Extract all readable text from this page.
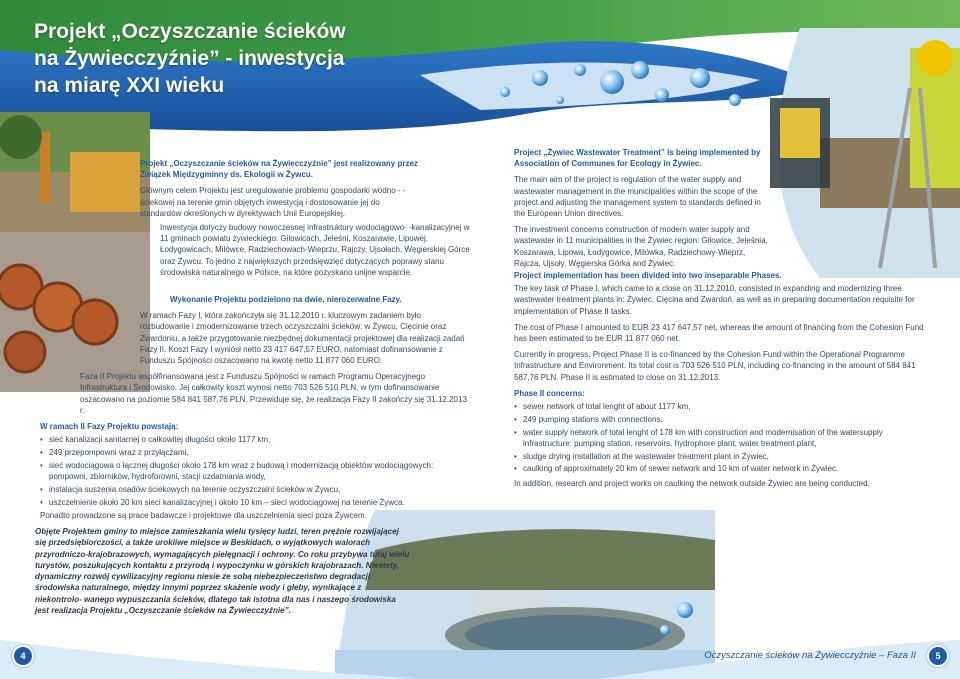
Projekt „Oczyszczanie ścieków
na Żywiecczyźnie” - inwestycja
na miarę XXI wieku

Projekt „Oczyszczanie ścieków na Żywiecczyźnie” jest realizowany przez Związek Międzygminny ds. Ekologii w Żywcu.

Głównym celem Projektu jest uregulowanie problemu gospodarki wodno - - ściekowej na terenie gmin objętych inwestycją i dostosowanie jej do standardów określonych w dyrektywach Unii Europejskiej.

Inwestycja dotyczy budowy nowoczesnej infrastruktury wodociągowo- -kanalizacyjnej w 11 gminach powiatu żywieckiego: Gilowicach, Jeleśni, Koszarawie, Lipowej, Łodygowicach, Milówce, Radziechowach-Wieprzu, Rajczy, Ujsołach, Węgierskiej Górce oraz Żywcu. To jedno z największych przedsięwzięć dotyczących poprawy stanu środowiska naturalnego w Polsce, na które pozyskano unijne wsparcie.

Wykonanie Projektu podzielono na dwie, nierozerwalne Fazy.

W ramach Fazy I, która zakończyła się 31.12.2010 r. kluczowym zadaniem było rozbudowanie i zmodernizowanie trzech oczyszczalni ścieków: w Żywcu, Cięcinie oraz Zwardoniu, a także przygotowanie niezbędnej dokumentacji projektowej dla realizacji zadań Fazy II. Koszt Fazy I wyniósł netto 23 417 647,57 EURO, natomiast dofinansowanie z Funduszu Spójności oszacowano na kwotę netto 11 877 060 EURO.

Faza II Projektu współfinansowana jest z Funduszu Spójności w ramach Programu Operacyjnego Infrastruktura i Środowisko. Jej całkowity koszt wynosi netto 703 526 510 PLN, w tym dofinansowanie oszacowano na poziomie 584 841 587,76 PLN. Przewiduje się, że realizacja Fazy II zakończy się 31.12.2013 r.

W ramach II Fazy Projektu powstają:

• sieć kanalizacji sanitarnej o całkowitej długości około 1177 km,
• 249 przepompowni wraz z przyłączami,
• sieć wodociągowa o łącznej długości około 178 km wraz z budową i modernizacją obiektów wodociągowych: pompowni, zbiorników, hydroforowni, stacji uzdatniania wody,
• instalacja suszenia osadów ściekowych na terenie oczyszczalni ścieków w Żywcu,
• uszczelnienie około 20 km sieci kanalizacyjnej i około 10 km – sieci wodociągowej na terenie Żywca.

Ponadto prowadzone są prace badawcze i projektowe dla uszczelnienia sieci poza Żywcem.

Objęte Projektem gminy to miejsce zamieszkania wielu tysięcy ludzi, teren prężnie rozwijającej się przedsiębiorczości, a także urokliwe miejsce w Beskidach, o wyjątkowych walorach przyrodniczo-krajobrazowych, wymagających pielęgnacji i ochrony. Co roku przybywa tutaj wielu turystów, poszukujących kontaktu z przyrodą i wypoczynku w górskich krajobrazach. Niestety, dynamiczny rozwój cywilizacyjny regionu niesie ze sobą niebezpieczeństwo degradacji środowiska naturalnego, między innymi poprzez skażenie wody i gleby, wynikające z niekontrolo- wanego wypuszczania ścieków, dlatego tak istotna dla nas i naszego środowiska jest realizacja Projektu „Oczyszczanie ścieków na Żywiecczyźnie”.

Project „Żywiec Wastewater Treatment” is being implemented by Association of Communes for Ecology in Żywiec.

The main aim of the project is regulation of the water supply and wastewater management in the municipalities within the scope of the project and adjusting the management system to standards defined in the European Union directives.

The investment concerns construction of modern water supply and wastewater in 11 municipalities in the Żywiec region: Gilowice, Jeleśnia, Koszarawa, Lipowa, Łodygowice, Milówka, Radziechowy-Wieprz, Rajcza, Ujsoły, Węgierska Górka and Żywiec.

Project implementation has been divided into two inseparable Phases.

The key task of Phase I, which came to a close on 31.12.2010, consisted in expanding and modernizing three wastewater treatment plants in: Żywiec, Cięcina and Zwardoń, as well as in preparing documentation requisite for implementation of Phase II tasks.

The cost of Phase I amounted to EUR 23 417 647,57 net, whereas the amount of financing from the Cohesion Fund has been estimated to be EUR 11 877 060 net.

Currently in progress, Project Phase II is co-financed by the Cohesion Fund within the Operational Programme Infrastructure and Environment. Its total cost is 703 526 510 PLN, including co-financing in the amount of 584 841 587,76 PLN. Phase II is estimated to close on 31.12.2013.

Phase II concerns:

• sewer network of total lenght of about 1177 km,
• 249 pumping stations with connections,
• water supply network of total lenght of 178 km with construction and modernisation of the watersupply infrastructure: pumping station, reservoirs, hydrophore plant, water treatment plant,
• sludge drying installation at the wastewater treatment plant in Żywiec,
• caulking of approximately 20 km of sewer network and 10 km of water network in Żywiec.

In addition, research and project works on caulking the network outside Żywiec are being conducted.

4	5
Oczyszczanie ścieków na Żywiecczyźnie – Faza II
